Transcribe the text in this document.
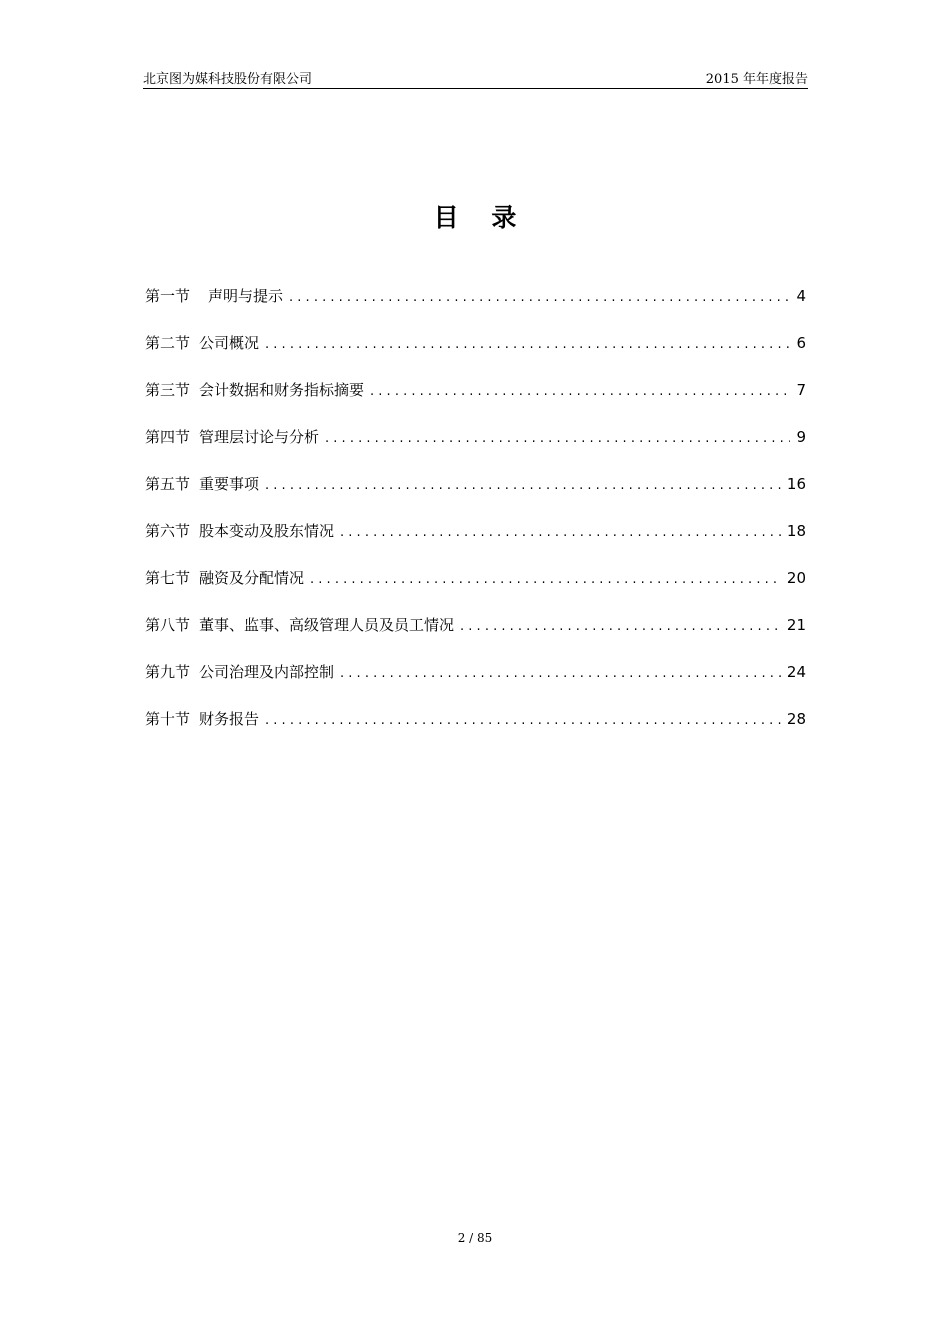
北京图为媒科技股份有限公司	2015 年年度报告
目 录
第一节 声明与提示 . . .	4
第二节 公司概况 . . .	6
第三节 会计数据和财务指标摘要 . . .	7
第四节 管理层讨论与分析 . . .	9
第五节 重要事项 . . .	16
第六节 股本变动及股东情况 . . .	18
第七节 融资及分配情况 . . .	20
第八节 董事、监事、高级管理人员及员工情况 . . .	21
第九节 公司治理及内部控制 . . .	24
第十节 财务报告 . . .	28
2 / 85
